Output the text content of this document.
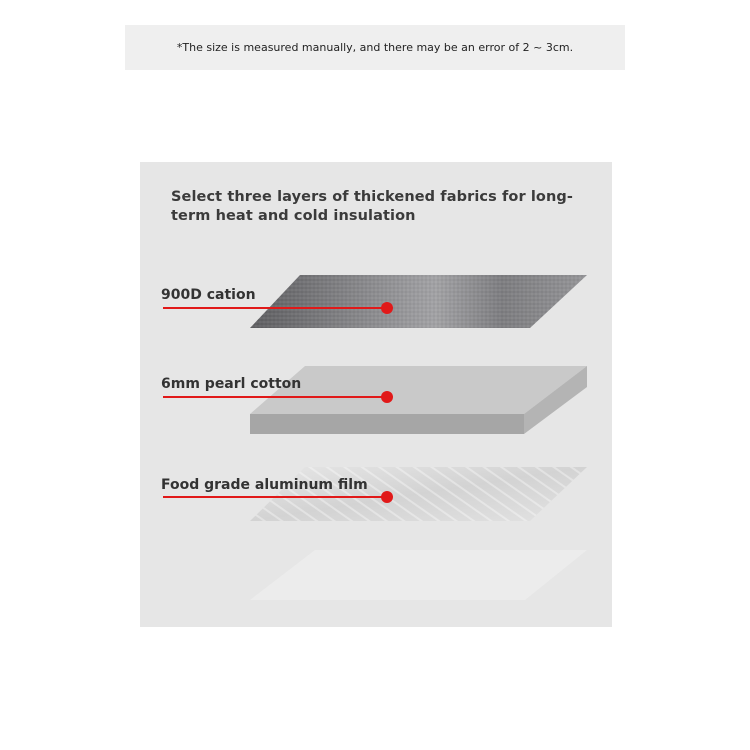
*The size is measured manually, and there may be an error of 2 ~ 3cm.
Select three layers of thickened fabrics for long-term heat and cold insulation
900D cation
6mm pearl cotton
Food grade aluminum film
